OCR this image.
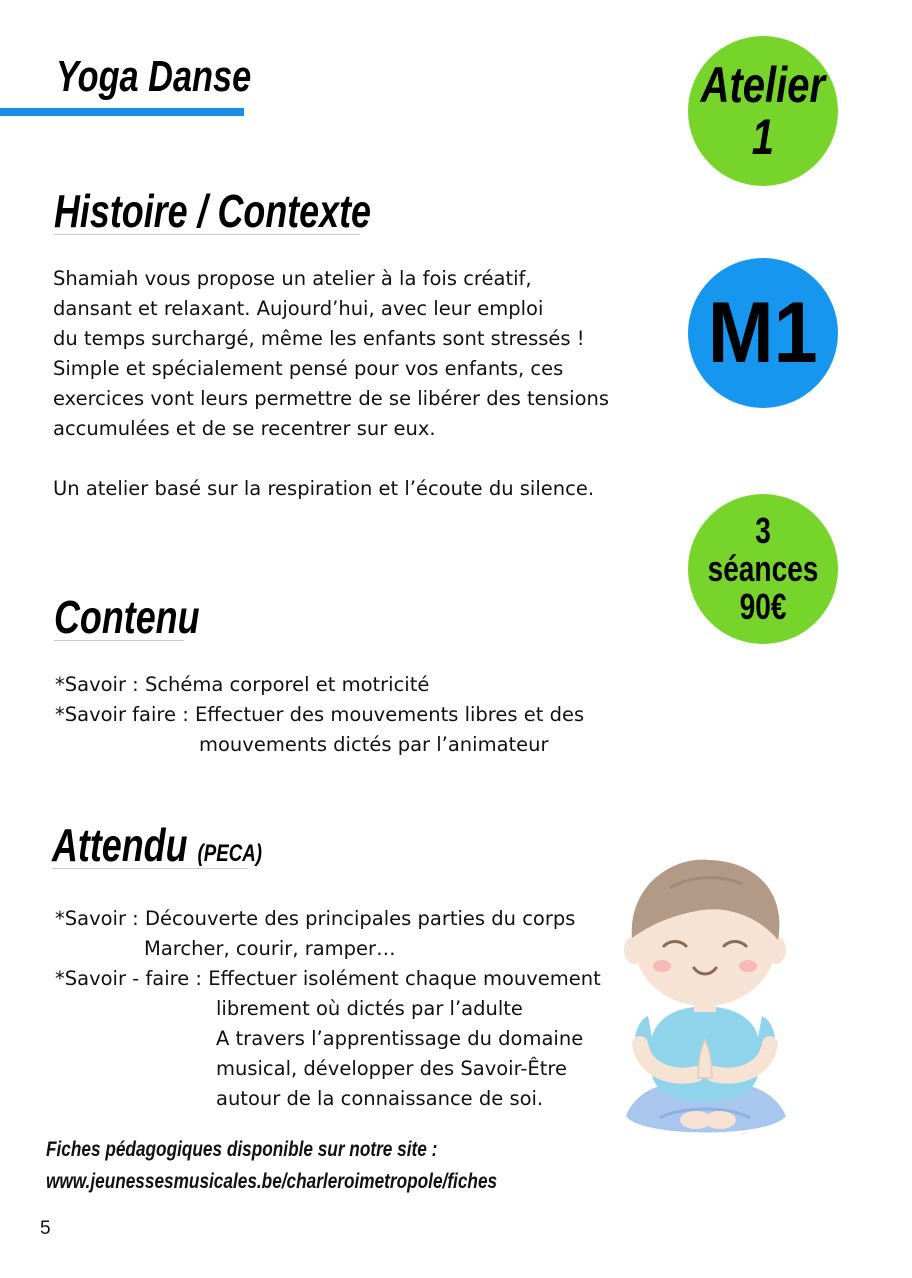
Yoga Danse	Atelier
1
M1
3 séances
90€
Histoire / Contexte
Shamiah vous propose un atelier à la fois créatif,
dansant et relaxant. Aujourd’hui, avec leur emploi
du temps surchargé, même les enfants sont stressés !
Simple et spécialement pensé pour vos enfants, ces
exercices vont leurs permettre de se libérer des tensions
accumulées et de se recentrer sur eux.
Un atelier basé sur la respiration et l’écoute du silence.
Contenu
*Savoir : Schéma corporel et motricité
*Savoir faire : Effectuer des mouvements libres et des
mouvements dictés par l’animateur
Attendu (PECA)
*Savoir : Découverte des principales parties du corps
Marcher, courir, ramper…
*Savoir - faire : Effectuer isolément chaque mouvement
librement où dictés par l’adulte
A travers l’apprentissage du domaine
musical, développer des Savoir-Être
autour de la connaissance de soi.
Fiches pédagogiques disponible sur notre site :
www.jeunessesmusicales.be/charleroimetropole/fiches
5
